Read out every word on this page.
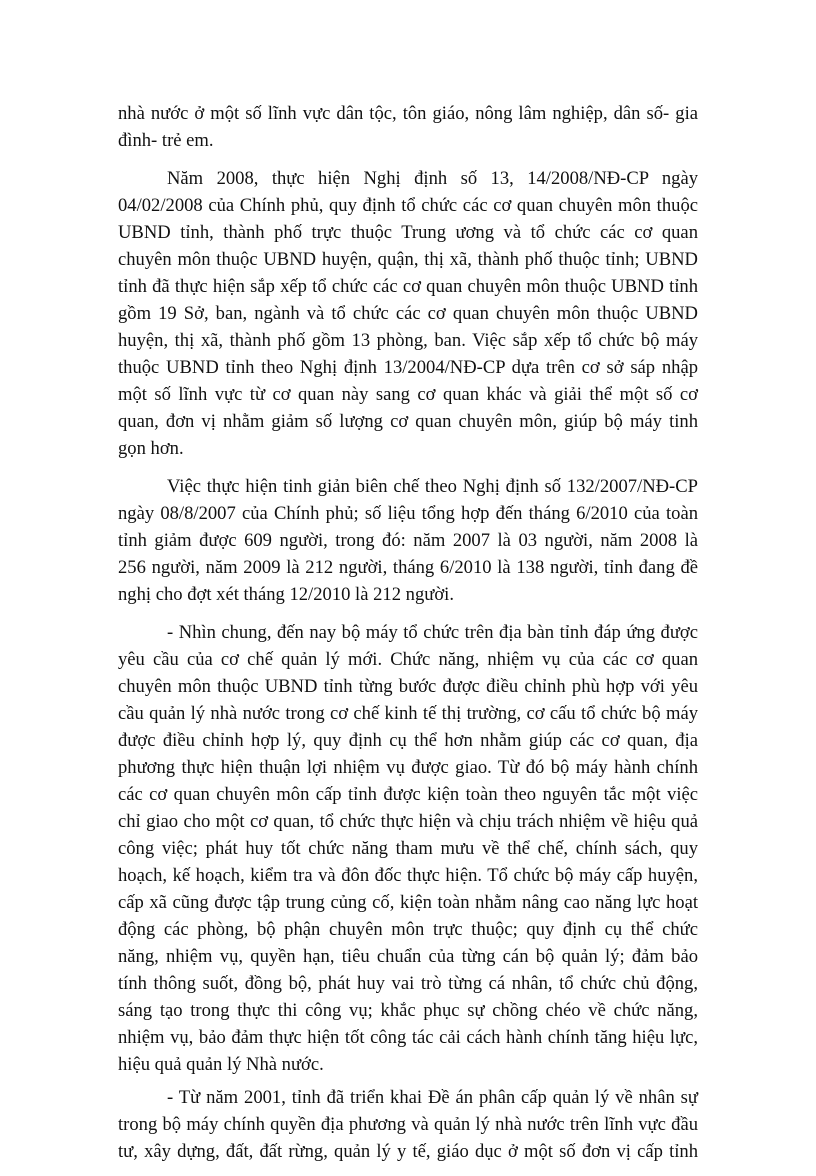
nhà nước ở một số lĩnh vực dân tộc, tôn giáo, nông lâm nghiệp, dân số- gia
đình- trẻ em.
Năm 2008, thực hiện Nghị định số 13, 14/2008/NĐ-CP ngày
04/02/2008 của Chính phủ, quy định tổ chức các cơ quan chuyên môn thuộc
UBND tỉnh, thành phố trực thuộc Trung ương và tổ chức các cơ quan
chuyên môn thuộc UBND huyện, quận, thị xã, thành phố thuộc tỉnh; UBND
tỉnh đã thực hiện sắp xếp tổ chức các cơ quan chuyên môn thuộc UBND tỉnh
gồm 19 Sở, ban, ngành và tổ chức các cơ quan chuyên môn thuộc UBND
huyện, thị xã, thành phố gồm 13 phòng, ban. Việc sắp xếp tổ chức bộ máy
thuộc UBND tỉnh theo Nghị định 13/2004/NĐ-CP dựa trên cơ sở sáp nhập
một số lĩnh vực từ cơ quan này sang cơ quan khác và giải thể một số cơ
quan, đơn vị nhằm giảm số lượng cơ quan chuyên môn, giúp bộ máy tinh
gọn hơn.
Việc thực hiện tinh giản biên chế theo Nghị định số 132/2007/NĐ-CP
ngày 08/8/2007 của Chính phủ; số liệu tổng hợp đến tháng 6/2010 của toàn
tỉnh giảm được 609 người, trong đó: năm 2007 là 03 người, năm 2008 là
256 người, năm 2009 là 212 người, tháng 6/2010 là 138 người, tỉnh đang đề
nghị cho đợt xét tháng 12/2010 là 212 người.
- Nhìn chung, đến nay bộ máy tổ chức trên địa bàn tỉnh đáp ứng được
yêu cầu của cơ chế quản lý mới. Chức năng, nhiệm vụ của các cơ quan
chuyên môn thuộc UBND tỉnh từng bước được điều chỉnh phù hợp với yêu
cầu quản lý nhà nước trong cơ chế kinh tế thị trường, cơ cấu tổ chức bộ máy
được điều chỉnh hợp lý, quy định cụ thể hơn nhằm giúp các cơ quan, địa
phương thực hiện thuận lợi nhiệm vụ được giao. Từ đó bộ máy hành chính
các cơ quan chuyên môn cấp tỉnh được kiện toàn theo nguyên tắc một việc
chỉ giao cho một cơ quan, tổ chức thực hiện và chịu trách nhiệm về hiệu quả
công việc; phát huy tốt chức năng tham mưu về thể chế, chính sách, quy
hoạch, kế hoạch, kiểm tra và đôn đốc thực hiện. Tổ chức bộ máy cấp huyện,
cấp xã cũng được tập trung củng cố, kiện toàn nhằm nâng cao năng lực hoạt
động các phòng, bộ phận chuyên môn trực thuộc; quy định cụ thể chức
năng, nhiệm vụ, quyền hạn, tiêu chuẩn của từng cán bộ quản lý; đảm bảo
tính thông suốt, đồng bộ, phát huy vai trò từng cá nhân, tổ chức chủ động,
sáng tạo trong thực thi công vụ; khắc phục sự chồng chéo về chức năng,
nhiệm vụ, bảo đảm thực hiện tốt công tác cải cách hành chính tăng hiệu lực,
hiệu quả quản lý Nhà nước.
- Từ năm 2001, tỉnh đã triển khai Đề án phân cấp quản lý về nhân sự
trong bộ máy chính quyền địa phương và quản lý nhà nước trên lĩnh vực đầu
tư, xây dựng, đất, đất rừng, quản lý y tế, giáo dục ở một số đơn vị cấp tỉnh
